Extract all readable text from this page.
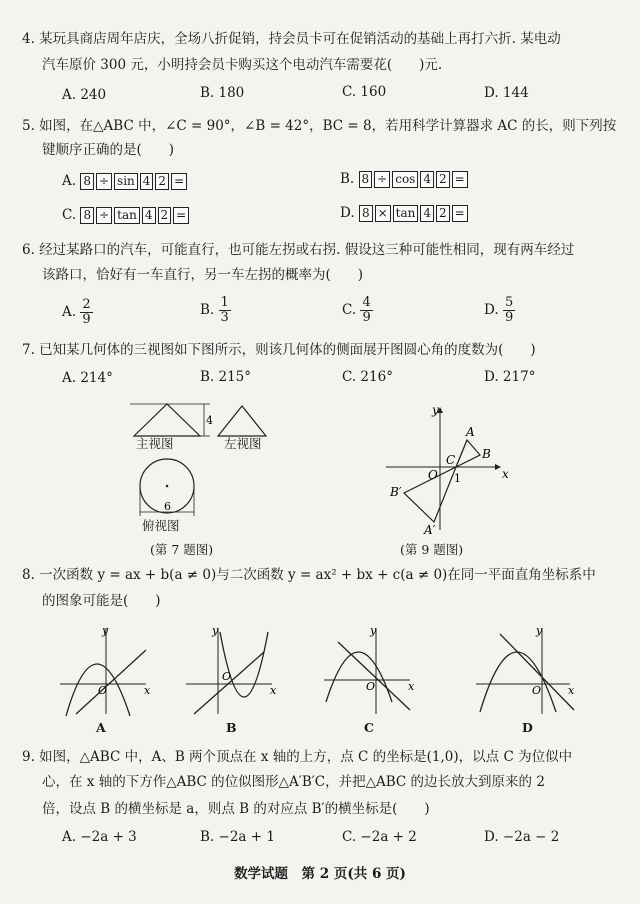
4. 某玩具商店周年店庆，全场八折促销，持会员卡可在促销活动的基础上再打六折. 某电动
汽车原价 300 元，小明持会员卡购买这个电动汽车需要花(　　)元.
A. 240	B. 180	C. 160	D. 144
5. 如图，在△ABC 中，∠C = 90°，∠B = 42°，BC = 8，若用科学计算器求 AC 的长，则下列按
键顺序正确的是(　　)
A. 8 ÷ sin 4 2 =	B. 8 ÷ cos 4 2 =
C. 8 ÷ tan 4 2 =	D. 8 × tan 4 2 =
6. 经过某路口的汽车，可能直行，也可能左拐或右拐. 假设这三种可能性相同，现有两车经过
该路口，恰好有一车直行，另一车左拐的概率为(　　)
A. $\frac{2}{9}$	B. $\frac{1}{3}$	C. $\frac{4}{9}$	D. $\frac{5}{9}$
7. 已知某几何体的三视图如下图所示，则该几何体的侧面展开图圆心角的度数为(　　)
A. 214°	B. 215°	C. 216°	D. 217°
4
6
主视图	左视图
俯视图
(第 7 题图)
x
y
O 1
A
B
C
A′
B′
(第 9 题图)
8. 一次函数 y = ax + b(a ≠ 0)与二次函数 y = ax² + bx + c(a ≠ 0)在同一平面直角坐标系中
的图象可能是(　　)
y
x
O
A
y
x
O
B
y
x
O
C
y
x
O
D
9. 如图，△ABC 中，A、B 两个顶点在 x 轴的上方，点 C 的坐标是(1,0)，以点 C 为位似中
心，在 x 轴的下方作△ABC 的位似图形△A′B′C，并把△ABC 的边长放大到原来的 2
倍，设点 B 的横坐标是 a，则点 B 的对应点 B′的横坐标是(　　)
A. −2a + 3	B. −2a + 1	C. −2a + 2	D. −2a − 2
数学试题　第 2 页(共 6 页)
